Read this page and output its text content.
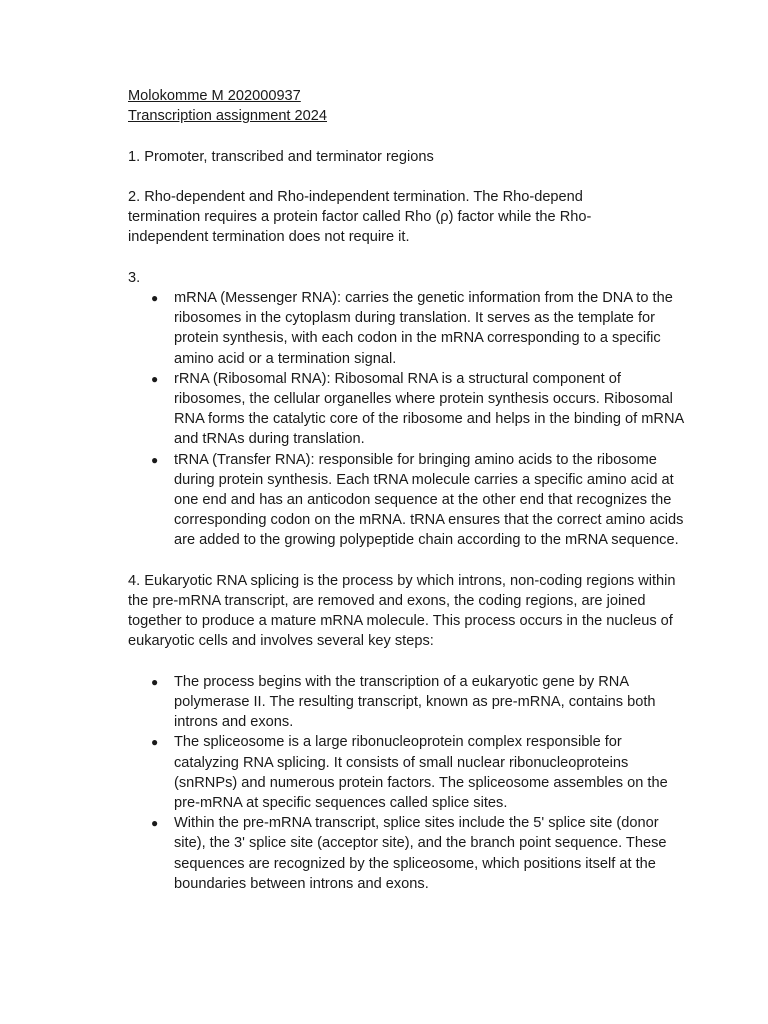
Molokomme M 202000937

Transcription assignment 2024

1. Promoter, transcribed and terminator regions

2. Rho-dependent and Rho-independent termination. The Rho-depend termination requires a protein factor called Rho (ρ) factor while the Rho-independent termination does not require it.

3.

● mRNA (Messenger RNA): carries the genetic information from the DNA to the ribosomes in the cytoplasm during translation. It serves as the template for protein synthesis, with each codon in the mRNA corresponding to a specific amino acid or a termination signal.
● rRNA (Ribosomal RNA): Ribosomal RNA is a structural component of ribosomes, the cellular organelles where protein synthesis occurs. Ribosomal RNA forms the catalytic core of the ribosome and helps in the binding of mRNA and tRNAs during translation.
● tRNA (Transfer RNA): responsible for bringing amino acids to the ribosome during protein synthesis. Each tRNA molecule carries a specific amino acid at one end and has an anticodon sequence at the other end that recognizes the corresponding codon on the mRNA. tRNA ensures that the correct amino acids are added to the growing polypeptide chain according to the mRNA sequence.

4. Eukaryotic RNA splicing is the process by which introns, non-coding regions within the pre-mRNA transcript, are removed and exons, the coding regions, are joined together to produce a mature mRNA molecule. This process occurs in the nucleus of eukaryotic cells and involves several key steps:

● The process begins with the transcription of a eukaryotic gene by RNA polymerase II. The resulting transcript, known as pre-mRNA, contains both introns and exons.
● The spliceosome is a large ribonucleoprotein complex responsible for catalyzing RNA splicing. It consists of small nuclear ribonucleoproteins (snRNPs) and numerous protein factors. The spliceosome assembles on the pre-mRNA at specific sequences called splice sites.
● Within the pre-mRNA transcript, splice sites include the 5' splice site (donor site), the 3' splice site (acceptor site), and the branch point sequence. These sequences are recognized by the spliceosome, which positions itself at the boundaries between introns and exons.
